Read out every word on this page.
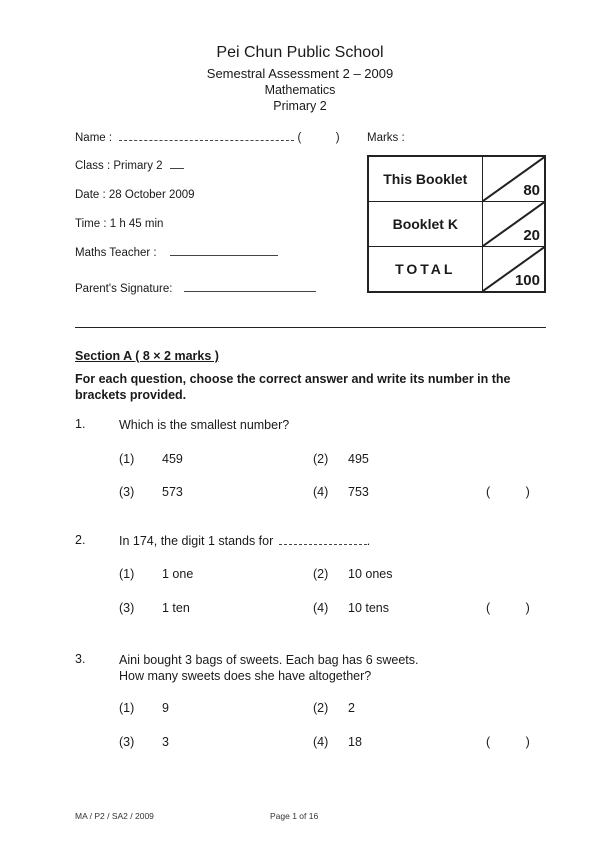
Pei Chun Public School
Semestral Assessment 2 – 2009
Mathematics
Primary 2
Name :	(	) Marks :
Class : Primary 2
Date : 28 October 2009
Time : 1 h 45 min
Maths Teacher :
Parent's Signature:
This Booklet	80

Booklet K	20

TOTAL	100
Section A ( 8 × 2 marks )
For each question, choose the correct answer and write its number in the brackets provided.
1.	Which is the smallest number?
(1) 459	(2) 495
(3) 573	(4) 753	( )
2.	In 174, the digit 1 stands for	.
(1) 1 one	(2) 10 ones
(3) 1 ten	(4) 10 tens	( )
3.	Aini bought 3 bags of sweets. Each bag has 6 sweets.
How many sweets does she have altogether?
(1) 9	(2) 2
(3) 3	(4) 18	( )
MA / P2 / SA2 / 2009	Page 1 of 16
